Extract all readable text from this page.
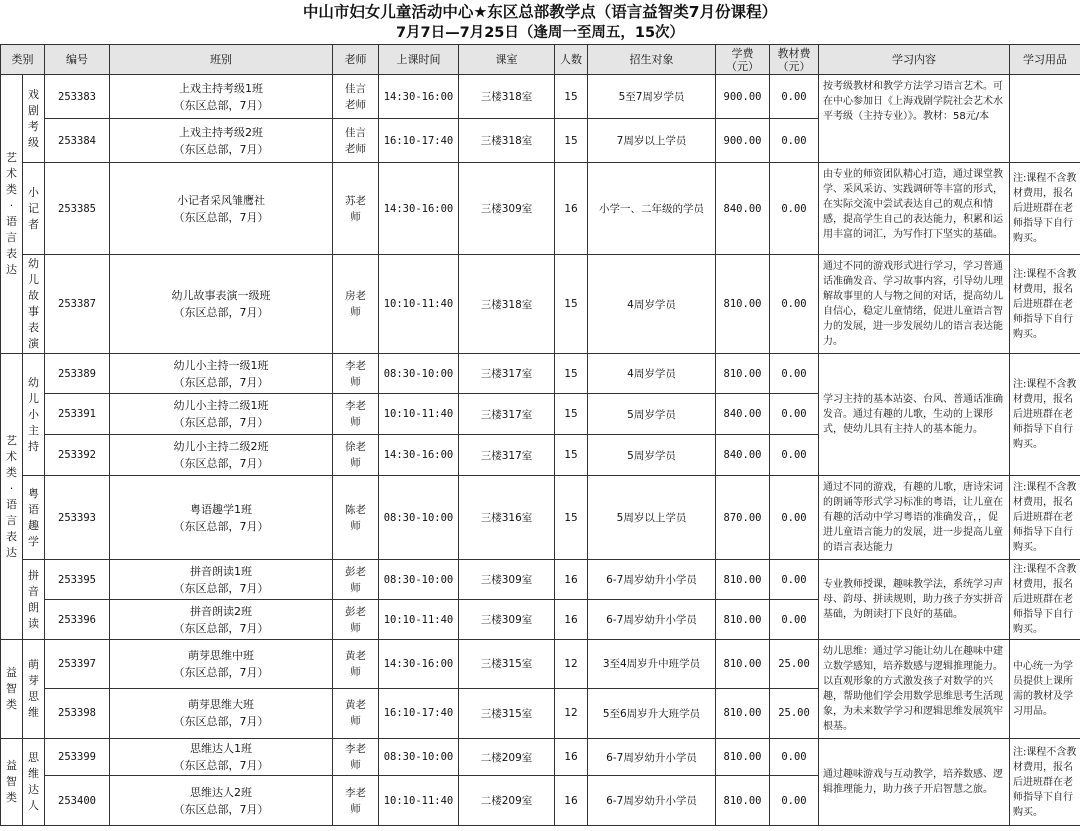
中山市妇女儿童活动中心★东区总部教学点（语言益智类7月份课程）
7月7日—7月25日（逢周一至周五，15次）
类别		编号	班别	老师	上课时间	课室	人数	招生对象	学费
（元）	教材费
（元）	学习内容	学习用品

艺术类·语言表达	戏剧考级	253383	上戏主持考级1班
（东区总部，7月）	佳言老师	14:30-16:00	三楼318室	15	5至7周岁学员	900.00	0.00	按考级教材和教学方法学习语言艺术。可在中心参加日《上海戏剧学院社会艺术水平考级（主持专业）》。教材：58元/本	
		253384	上戏主持考级2班
（东区总部，7月）	佳言老师	16:10-17:40	三楼318室	15	7周岁以上学员	900.00	0.00		

	小记者	253385	小记者采风雏鹰社
（东区总部，7月）	苏老师	14:30-16:00	三楼309室	16	小学一、二年级的学员	840.00	0.00	由专业的师资团队精心打造，通过课堂教学、采风采访、实践调研等丰富的形式，在实际交流中尝试表达自己的观点和情感，提高学生自己的表达能力，积累和运用丰富的词汇，为写作打下坚实的基础。	注:课程不含教材费用，报名后进班群在老师指导下自行购买。

	幼儿故事表演	253387	幼儿故事表演一级班
（东区总部，7月）	房老师	10:10-11:40	三楼318室	15	4周岁学员	810.00	0.00	通过不同的游戏形式进行学习，学习普通话准确发音、学习故事内容，引导幼儿理解故事里的人与物之间的对话，提高幼儿自信心，稳定儿童情绪，促进儿童语言智力的发展，进一步发展幼儿的语言表达能力。	注:课程不含教材费用，报名后进班群在老师指导下自行购买。

艺术类·语言表达	幼儿小主持	253389	幼儿小主持一级1班
（东区总部，7月）	李老师	08:30-10:00	三楼317室	15	4周岁学员	810.00	0.00	学习主持的基本站姿、台风、普通话准确发音。通过有趣的儿歌，生动的上课形式，使幼儿具有主持人的基本能力。	注:课程不含教材费用，报名后进班群在老师指导下自行购买。
		253391	幼儿小主持二级1班
（东区总部，7月）	李老师	10:10-11:40	三楼317室	15	5周岁学员	840.00	0.00		
		253392	幼儿小主持二级2班
（东区总部，7月）	徐老师	14:30-16:00	三楼317室	15	5周岁学员	840.00	0.00		

	粤语趣学	253393	粤语趣学1班
（东区总部，7月）	陈老师	08:30-10:00	三楼316室	15	5周岁以上学员	870.00	0.00	通过不同的游戏，有趣的儿歌，唐诗宋词的朗诵等形式学习标准的粤语，让儿童在有趣的活动中学习粤语的准确发音，，促进儿童语言能力的发展，进一步提高儿童的语言表达能力	注:课程不含教材费用，报名后进班群在老师指导下自行购买。

	拼音朗读	253395	拼音朗读1班
（东区总部，7月）	彭老师	08:30-10:00	三楼309室	16	6-7周岁幼升小学员	810.00	0.00	专业教师授课，趣味教学法，系统学习声母、韵母、拼读规则，助力孩子夯实拼音基础，为朗读打下良好的基础。	注:课程不含教材费用，报名后进班群在老师指导下自行购买。
		253396	拼音朗读2班
（东区总部，7月）	彭老师	10:10-11:40	三楼309室	16	6-7周岁幼升小学员	810.00	0.00		

益智类	萌芽思维	253397	萌芽思维中班
（东区总部，7月）	黄老师	14:30-16:00	三楼315室	12	3至4周岁升中班学员	810.00	25.00	幼儿思维：通过学习能让幼儿在趣味中建立数学感知，培养数感与逻辑推理能力。以直观形象的方式激发孩子对数学的兴趣，帮助他们学会用数学思维思考生活现象，为未来数学学习和逻辑思维发展筑牢根基。	中心统一为学员提供上课所需的教材及学习用品。
		253398	萌芽思维大班
（东区总部，7月）	黄老师	16:10-17:40	三楼315室	12	5至6周岁升大班学员	810.00	25.00		

益智类	思维达人	253399	思维达人1班
（东区总部，7月）	李老师	08:30-10:00	二楼209室	16	6-7周岁幼升小学员	810.00	0.00	通过趣味游戏与互动教学，培养数感、逻辑推理能力，助力孩子开启智慧之旅。	注:课程不含教材费用，报名后进班群在老师指导下自行购买。
		253400	思维达人2班
（东区总部，7月）	李老师	10:10-11:40	二楼209室	16	6-7周岁幼升小学员	810.00	0.00		
